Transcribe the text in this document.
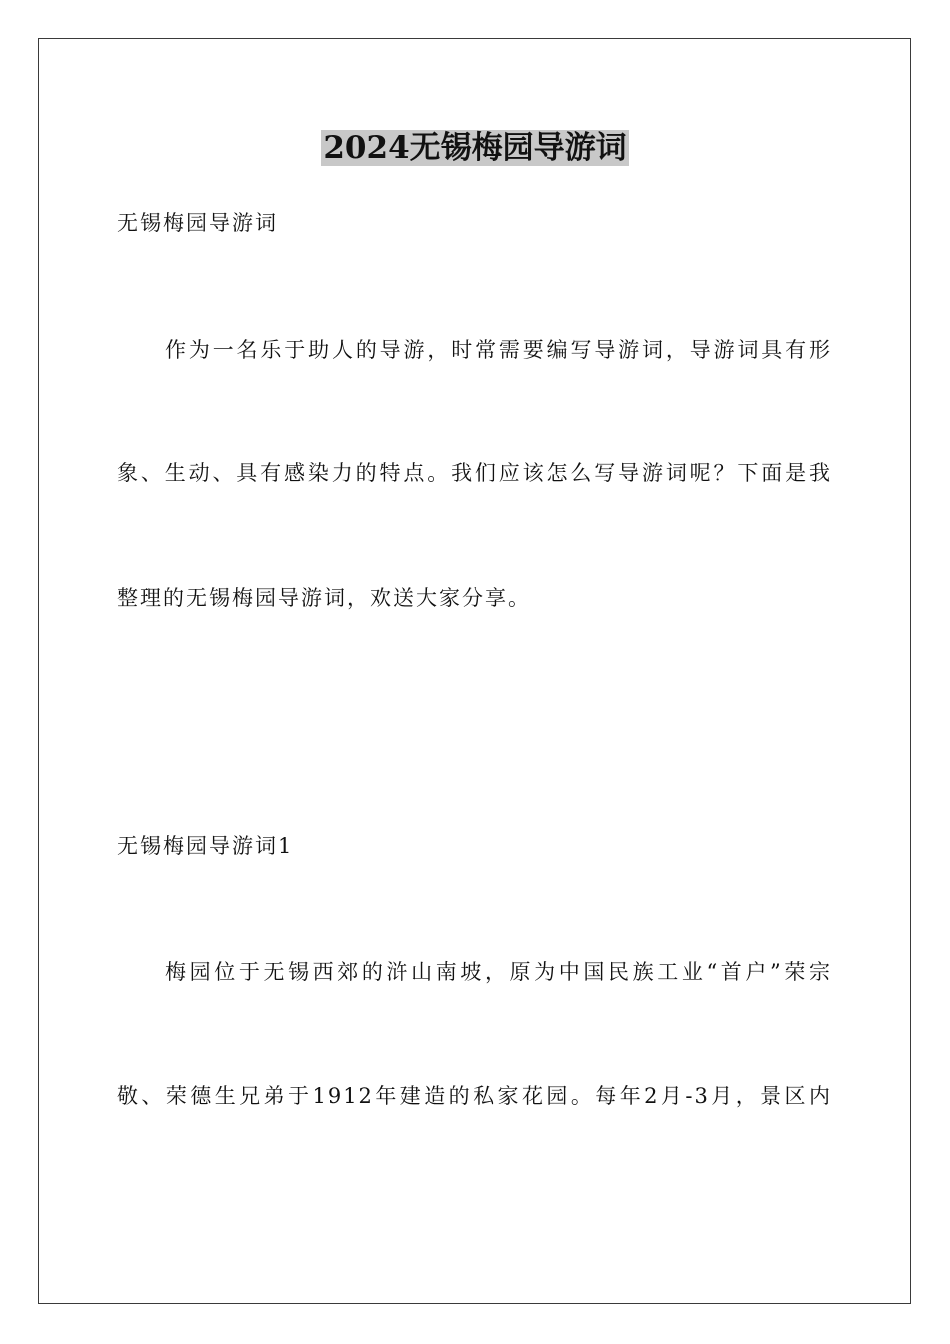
2024无锡梅园导游词
无锡梅园导游词
作为一名乐于助人的导游，时常需要编写导游词，导游词具有形
象、生动、具有感染力的特点。我们应该怎么写导游词呢？下面是我
整理的无锡梅园导游词，欢送大家分享。
无锡梅园导游词1
梅园位于无锡西郊的浒山南坡，原为中国民族工业“首户”荣宗
敬、荣德生兄弟于1912年建造的私家花园。每年2月-3月，景区内
